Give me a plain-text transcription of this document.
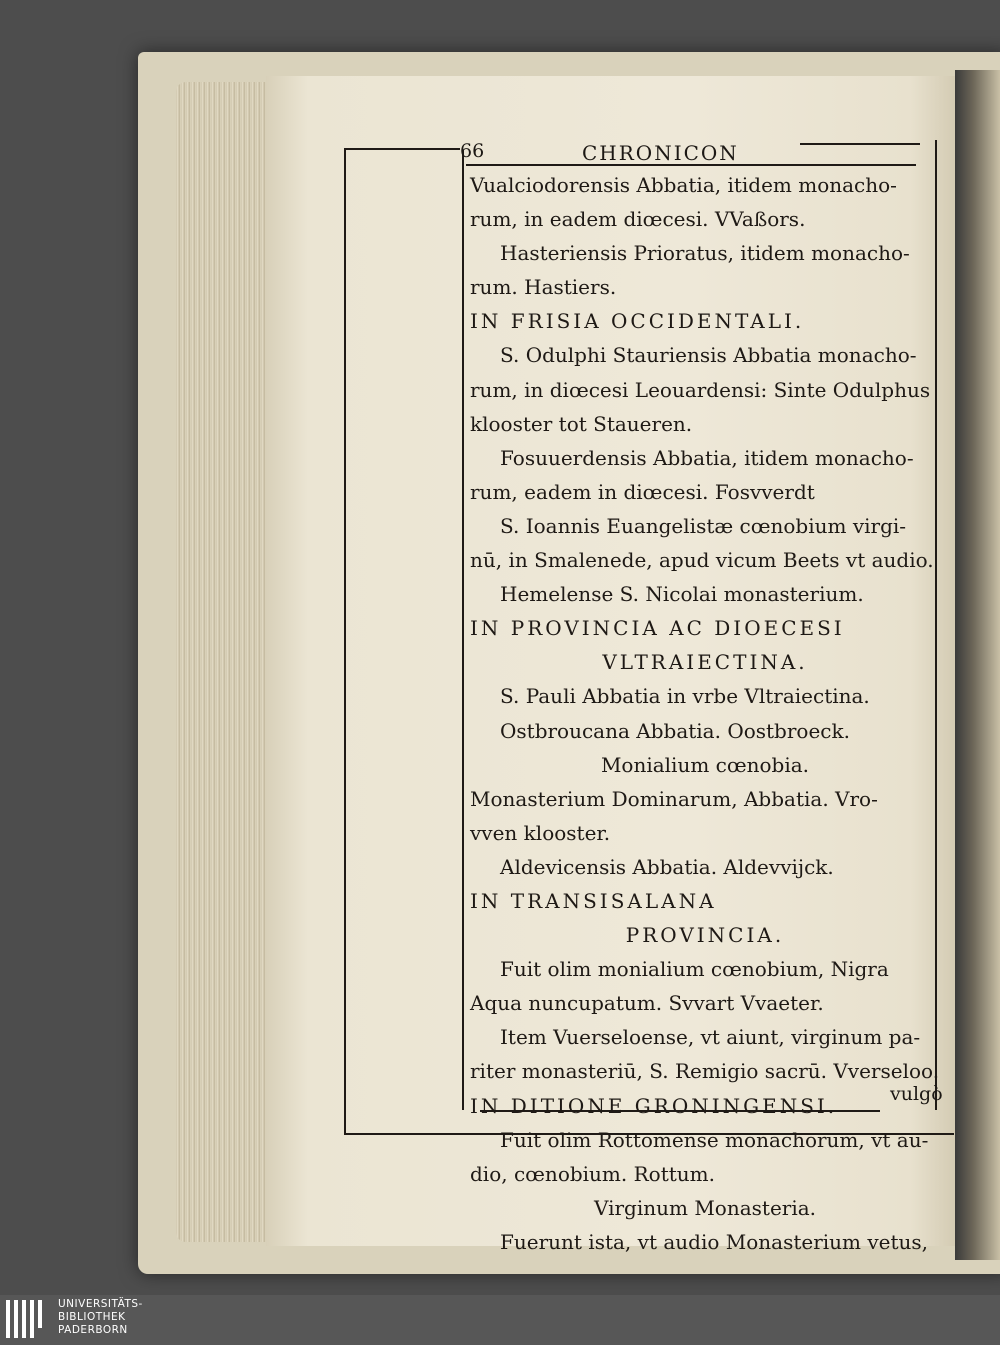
66	CHRONICON
Vualciodorensis Abbatia, itidem monacho-
rum, in eadem diœcesi. VVaßors.
Hasteriensis Prioratus, itidem monacho-
rum. Hastiers.
IN FRISIA OCCIDENTALI.
S. Odulphi Stauriensis Abbatia monacho-
rum, in diœcesi Leouardensi: Sinte Odulphus
klooster tot Staueren.
Fosuuerdensis Abbatia, itidem monacho-
rum, eadem in diœcesi. Fosvverdt
S. Ioannis Euangelistæ cœnobium virgi-
nū, in Smalenede, apud vicum Beets vt audio.
Hemelense S. Nicolai monasterium.
IN PROVINCIA AC DIOECESI
VLTRAIECTINA.
S. Pauli Abbatia in vrbe Vltraiectina.
Ostbroucana Abbatia. Oostbroeck.
Monialium cœnobia.
Monasterium Dominarum, Abbatia. Vro-
vven klooster.
Aldevicensis Abbatia. Aldevvijck.
IN TRANSISALANA
PROVINCIA.
Fuit olim monialium cœnobium, Nigra
Aqua nuncupatum. Svvart Vvaeter.
Item Vuerseloense, vt aiunt, virginum pa-
riter monasteriū, S. Remigio sacrū. Vverseloo.
IN DITIONE GRONINGENSI.
Fuit olim Rottomense monachorum, vt au-
dio, cœnobium. Rottum.
Virginum Monasteria.
Fuerunt ista, vt audio Monasterium vetus,
vulgò
UNIVERSITÄTS-
BIBLIOTHEK
PADERBORN
